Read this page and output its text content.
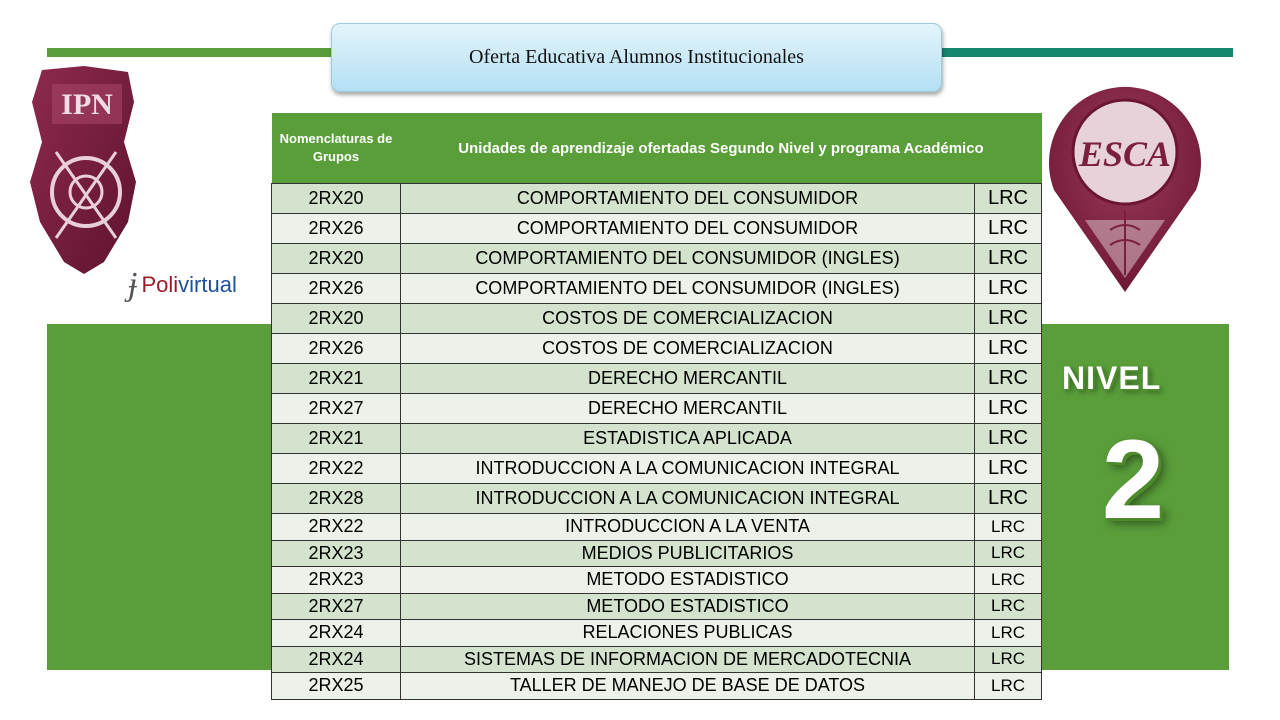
Oferta Educativa Alumnos Institucionales
IPN
ɉ Poli virtual
ESCA
Nomenclaturas de Grupos	Unidades de aprendizaje ofertadas Segundo Nivel y programa Académico	
2RX20	COMPORTAMIENTO DEL CONSUMIDOR	LRC
2RX26	COMPORTAMIENTO DEL CONSUMIDOR	LRC
2RX20	COMPORTAMIENTO DEL CONSUMIDOR (INGLES)	LRC
2RX26	COMPORTAMIENTO DEL CONSUMIDOR (INGLES)	LRC
2RX20	COSTOS DE COMERCIALIZACION	LRC
2RX26	COSTOS DE COMERCIALIZACION	LRC
2RX21	DERECHO MERCANTIL	LRC
2RX27	DERECHO MERCANTIL	LRC
2RX21	ESTADISTICA APLICADA	LRC
2RX22	INTRODUCCION A LA COMUNICACION INTEGRAL	LRC
2RX28	INTRODUCCION A LA COMUNICACION INTEGRAL	LRC
2RX22	INTRODUCCION A LA VENTA	LRC
2RX23	MEDIOS PUBLICITARIOS	LRC
2RX23	METODO ESTADISTICO	LRC
2RX27	METODO ESTADISTICO	LRC
2RX24	RELACIONES PUBLICAS	LRC
2RX24	SISTEMAS DE INFORMACION DE MERCADOTECNIA	LRC
2RX25	TALLER DE MANEJO DE BASE DE DATOS	LRC
NIVEL
2
